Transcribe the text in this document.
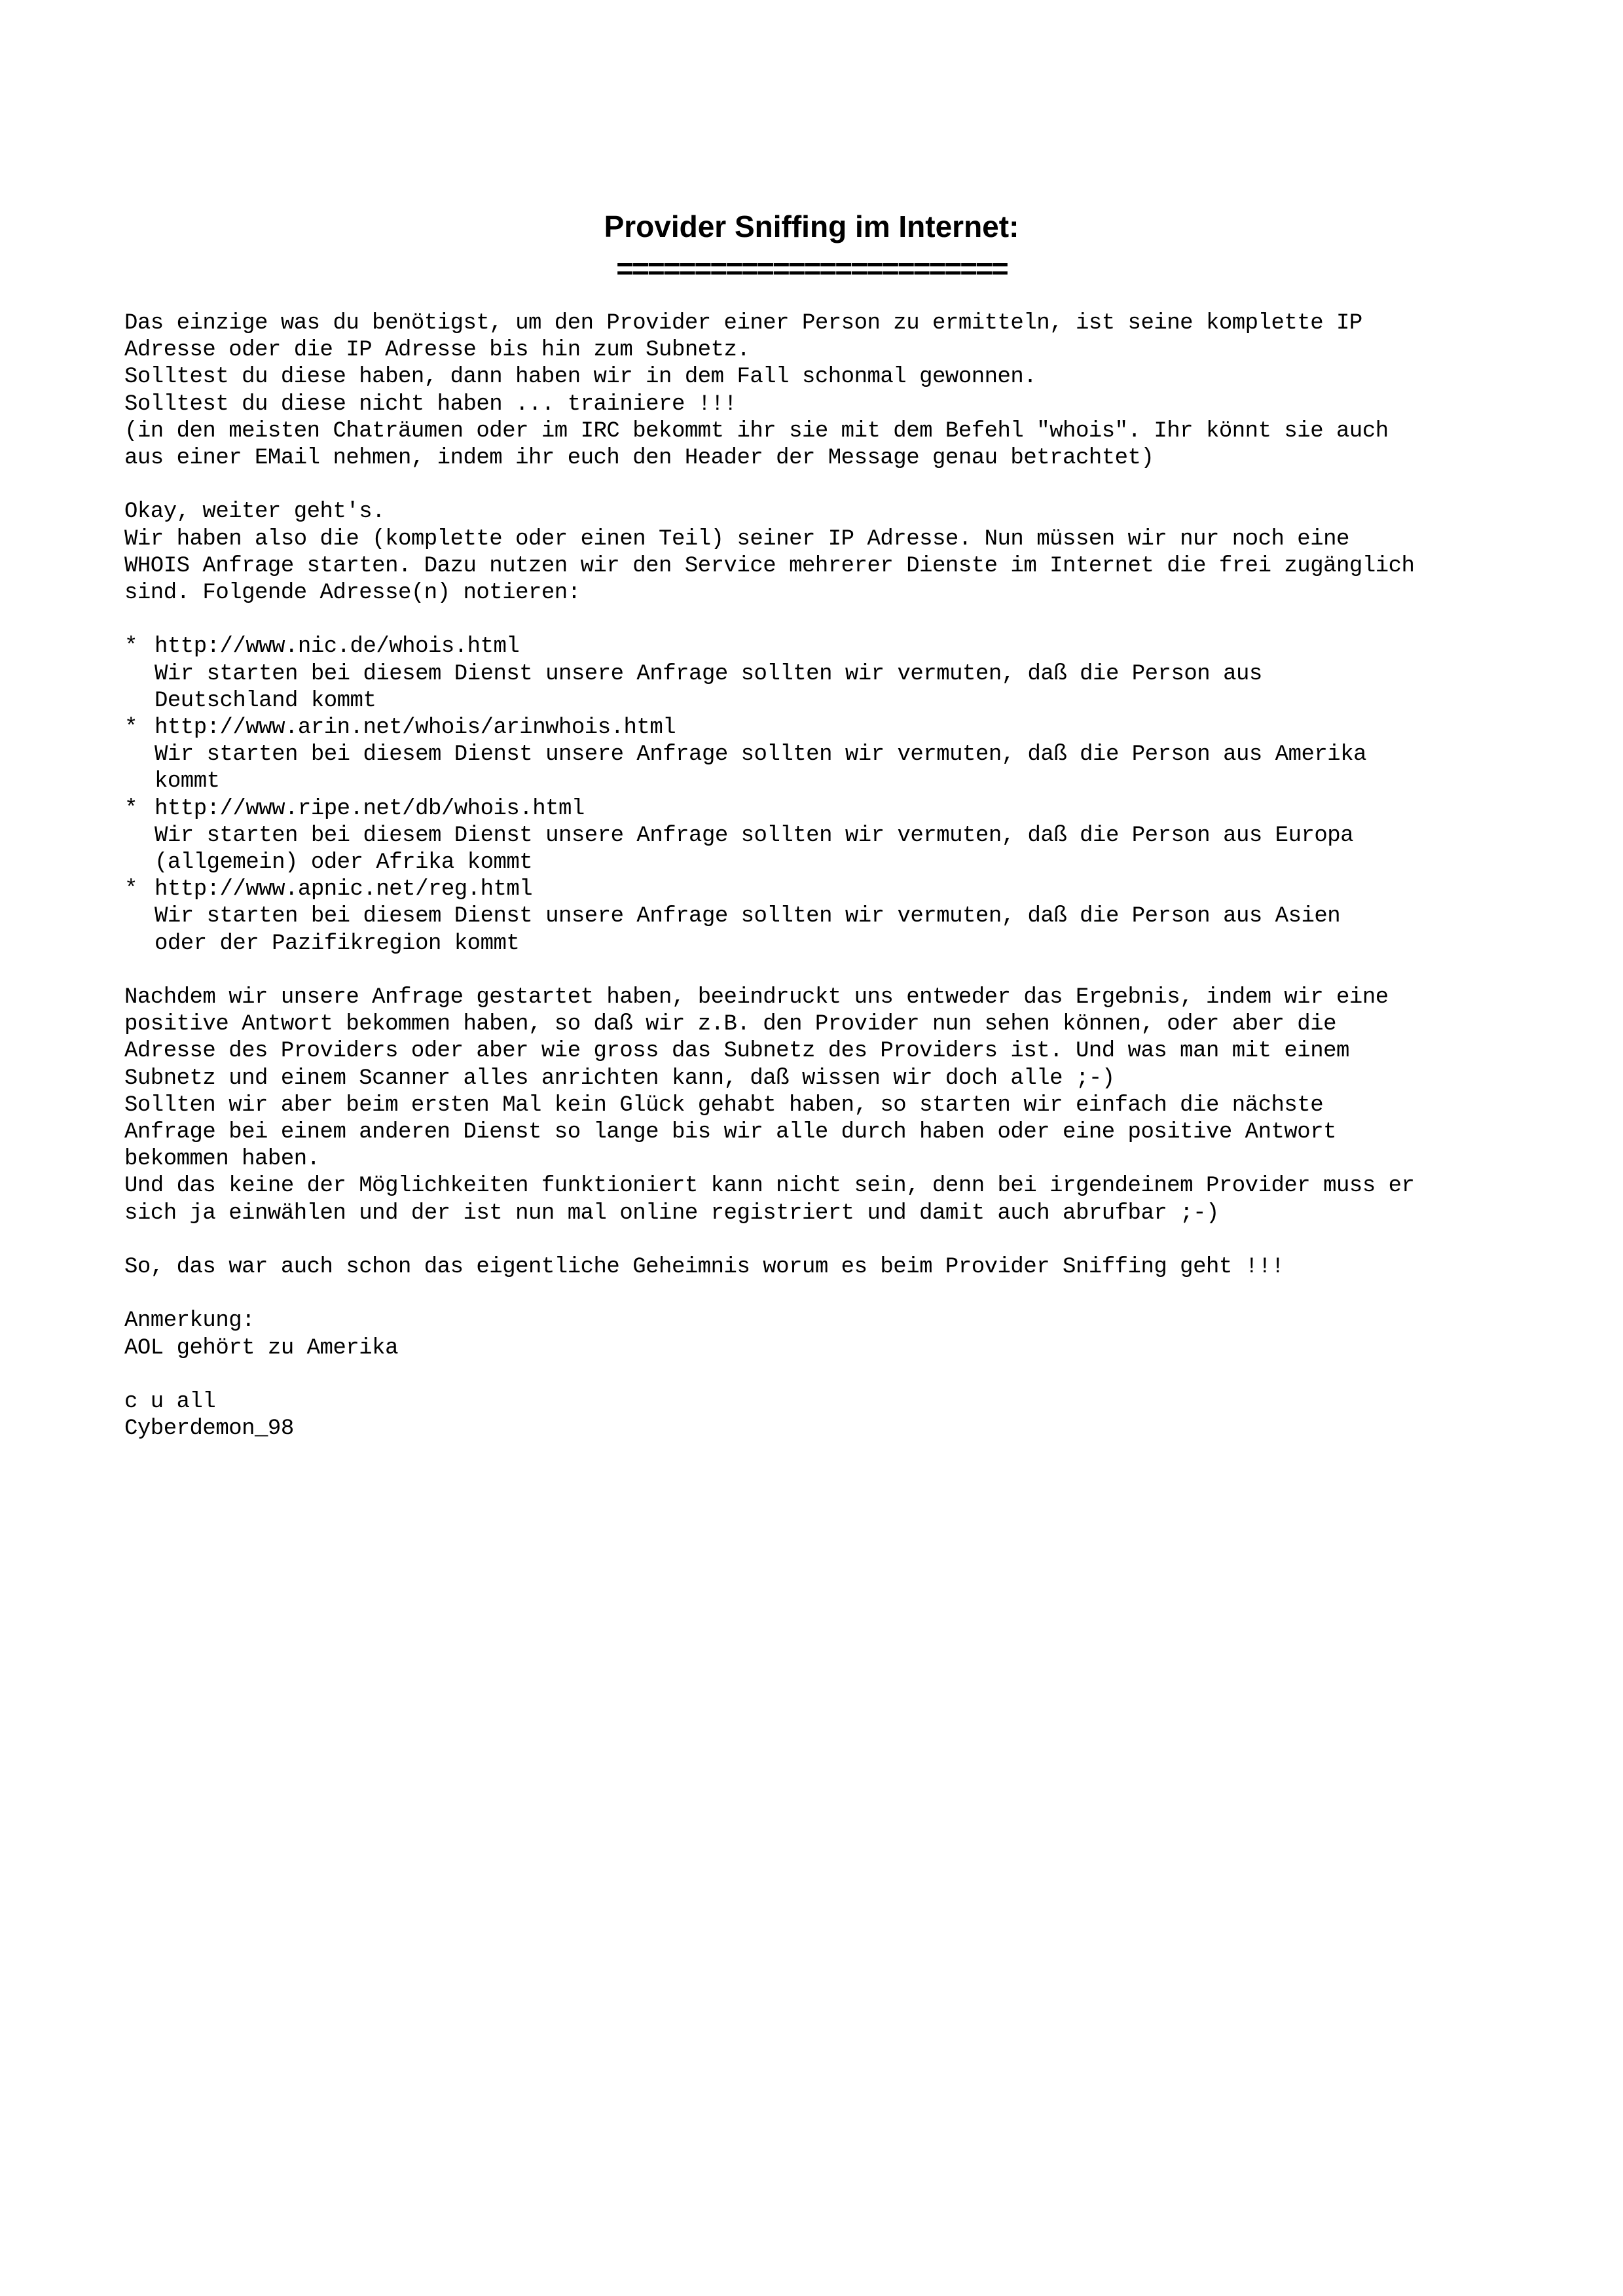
Provider Sniffing im Internet:
=========================
Das einzige was du benötigst, um den Provider einer Person zu ermitteln, ist seine komplette IP
Adresse oder die IP Adresse bis hin zum Subnetz.
Solltest du diese haben, dann haben wir in dem Fall schonmal gewonnen.
Solltest du diese nicht haben ... trainiere !!!
(in den meisten Chaträumen oder im IRC bekommt ihr sie mit dem Befehl "whois". Ihr könnt sie auch
aus einer EMail nehmen, indem ihr euch den Header der Message genau betrachtet)
Okay, weiter geht's.
Wir haben also die (komplette oder einen Teil) seiner IP Adresse. Nun müssen wir nur noch eine
WHOIS Anfrage starten. Dazu nutzen wir den Service mehrerer Dienste im Internet die frei zugänglich
sind. Folgende Adresse(n) notieren:
* http://www.nic.de/whois.html
Wir starten bei diesem Dienst unsere Anfrage sollten wir vermuten, daß die Person aus
Deutschland kommt
* http://www.arin.net/whois/arinwhois.html
Wir starten bei diesem Dienst unsere Anfrage sollten wir vermuten, daß die Person aus Amerika
kommt
* http://www.ripe.net/db/whois.html
Wir starten bei diesem Dienst unsere Anfrage sollten wir vermuten, daß die Person aus Europa
(allgemein) oder Afrika kommt
* http://www.apnic.net/reg.html
Wir starten bei diesem Dienst unsere Anfrage sollten wir vermuten, daß die Person aus Asien
oder der Pazifikregion kommt
Nachdem wir unsere Anfrage gestartet haben, beeindruckt uns entweder das Ergebnis, indem wir eine
positive Antwort bekommen haben, so daß wir z.B. den Provider nun sehen können, oder aber die
Adresse des Providers oder aber wie gross das Subnetz des Providers ist. Und was man mit einem
Subnetz und einem Scanner alles anrichten kann, daß wissen wir doch alle ;-)
Sollten wir aber beim ersten Mal kein Glück gehabt haben, so starten wir einfach die nächste
Anfrage bei einem anderen Dienst so lange bis wir alle durch haben oder eine positive Antwort
bekommen haben.
Und das keine der Möglichkeiten funktioniert kann nicht sein, denn bei irgendeinem Provider muss er
sich ja einwählen und der ist nun mal online registriert und damit auch abrufbar ;-)
So, das war auch schon das eigentliche Geheimnis worum es beim Provider Sniffing geht !!!
Anmerkung:
AOL gehört zu Amerika
c u all
Cyberdemon_98
